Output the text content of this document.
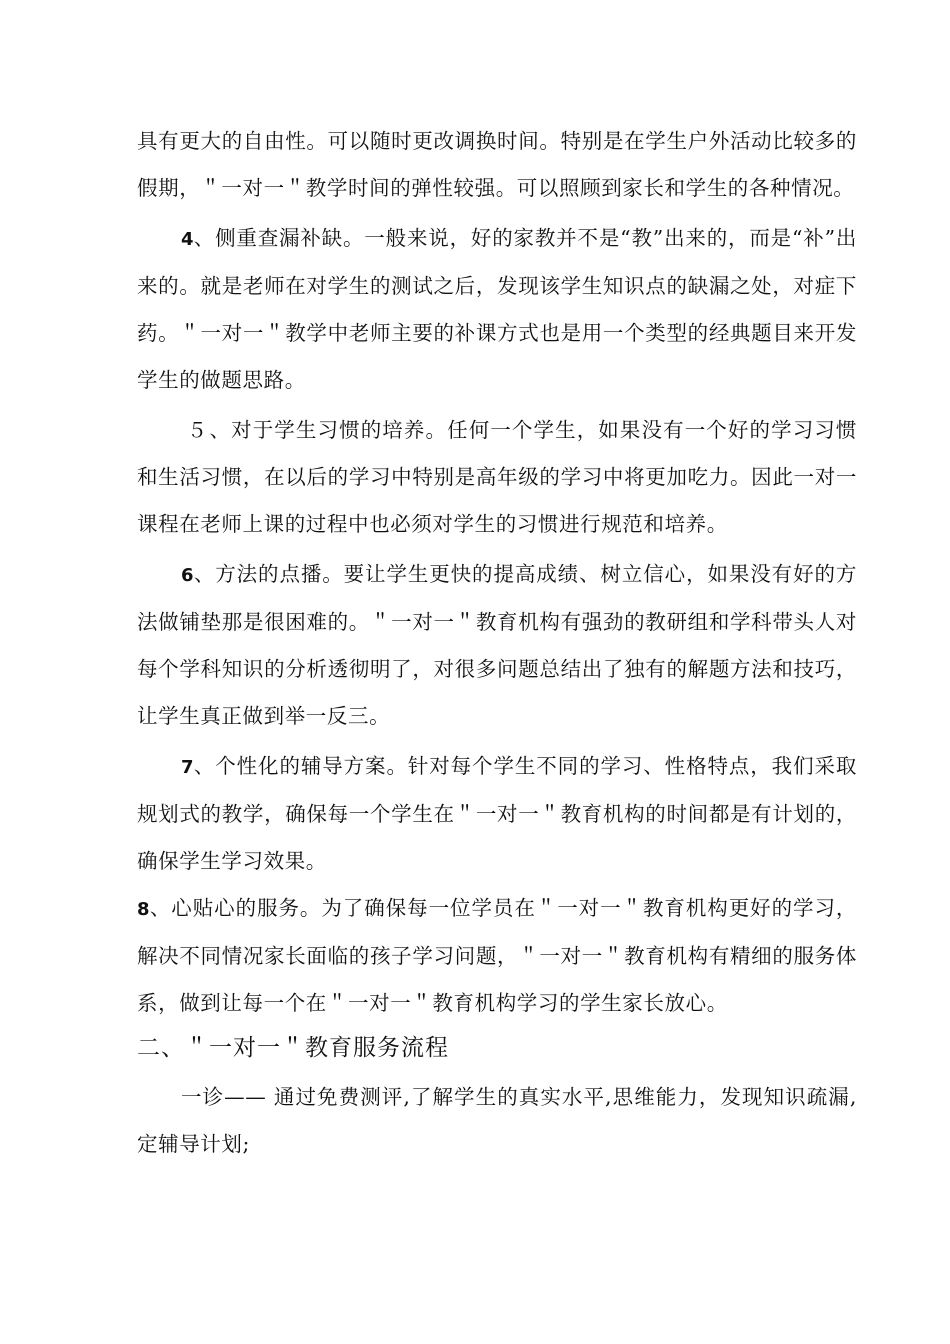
具有更大的自由性。可以随时更改调换时间。特别是在学生户外活动比较多的假期，＂一对一＂教学时间的弹性较强。可以照顾到家长和学生的各种情况。

4、侧重查漏补缺。一般来说，好的家教并不是“教”出来的，而是“补”出来的。就是老师在对学生的测试之后，发现该学生知识点的缺漏之处，对症下药。＂一对一＂教学中老师主要的补课方式也是用一个类型的经典题目来开发学生的做题思路。

５、对于学生习惯的培养。任何一个学生，如果没有一个好的学习习惯和生活习惯，在以后的学习中特别是高年级的学习中将更加吃力。因此一对一课程在老师上课的过程中也必须对学生的习惯进行规范和培养。

6、方法的点播。要让学生更快的提高成绩、树立信心，如果没有好的方法做铺垫那是很困难的。＂一对一＂教育机构有强劲的教研组和学科带头人对每个学科知识的分析透彻明了，对很多问题总结出了独有的解题方法和技巧，让学生真正做到举一反三。

7、个性化的辅导方案。针对每个学生不同的学习、性格特点，我们采取规划式的教学，确保每一个学生在＂一对一＂教育机构的时间都是有计划的，确保学生学习效果。

8、心贴心的服务。为了确保每一位学员在＂一对一＂教育机构更好的学习，解决不同情况家长面临的孩子学习问题，＂一对一＂教育机构有精细的服务体系，做到让每一个在＂一对一＂教育机构学习的学生家长放心。

二、＂一对一＂教育服务流程

一诊—— 通过免费测评,了解学生的真实水平,思维能力，发现知识疏漏,定辅导计划;
